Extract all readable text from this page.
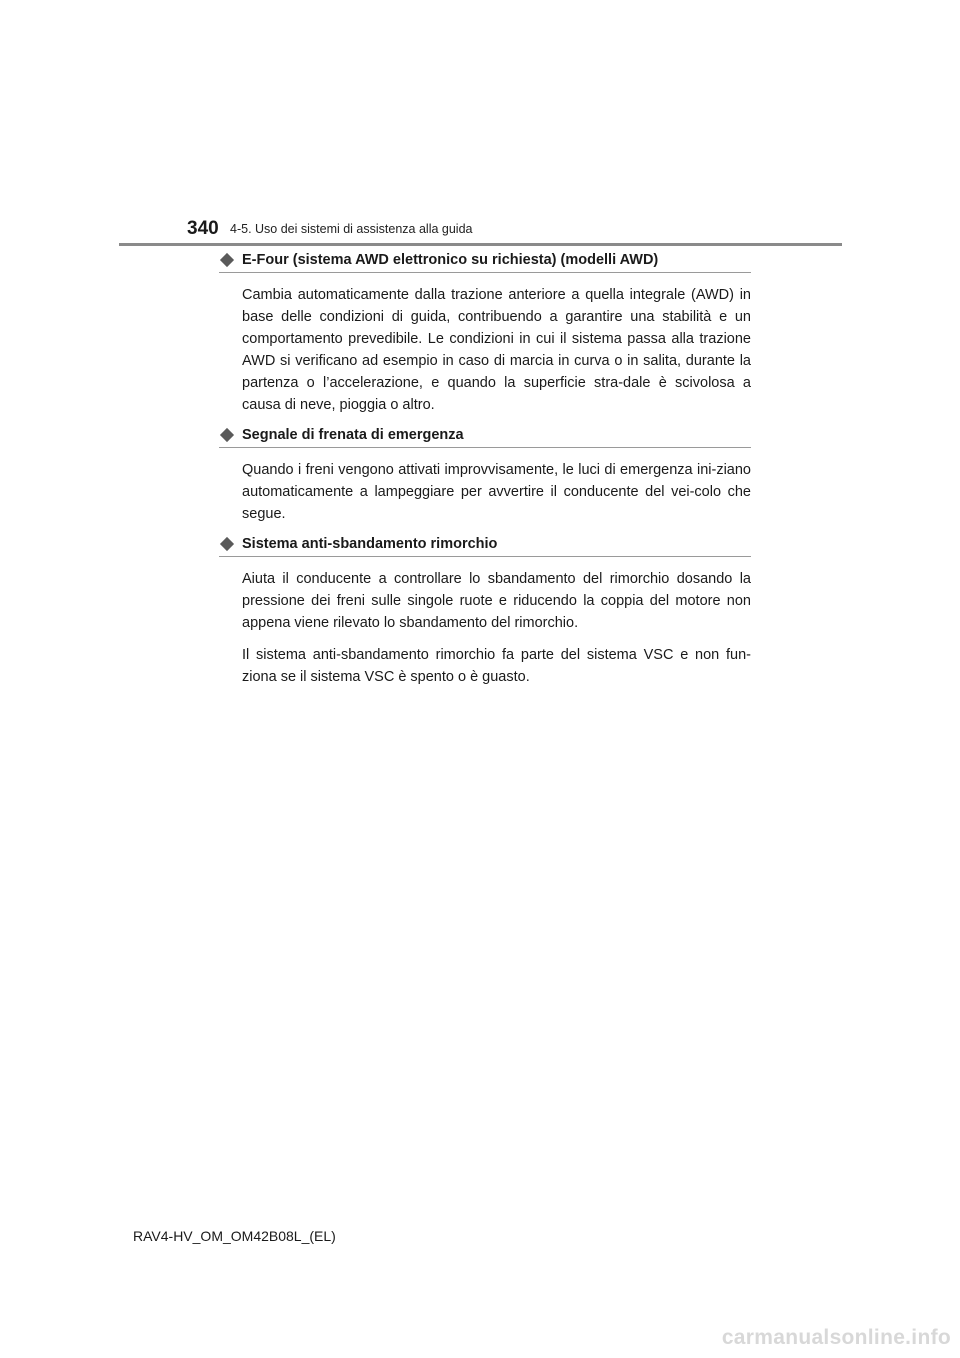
340 4-5. Uso dei sistemi di assistenza alla guida
E-Four (sistema AWD elettronico su richiesta) (modelli AWD)

Cambia automaticamente dalla trazione anteriore a quella integrale (AWD) in base delle condizioni di guida, contribuendo a garantire una stabilità e un comportamento prevedibile. Le condizioni in cui il sistema passa alla trazione AWD si verificano ad esempio in caso di marcia in curva o in salita, durante la partenza o l’accelerazione, e quando la superficie stra-dale è scivolosa a causa di neve, pioggia o altro.

Segnale di frenata di emergenza

Quando i freni vengono attivati improvvisamente, le luci di emergenza ini-ziano automaticamente a lampeggiare per avvertire il conducente del vei-colo che segue.

Sistema anti-sbandamento rimorchio

Aiuta il conducente a controllare lo sbandamento del rimorchio dosando la pressione dei freni sulle singole ruote e riducendo la coppia del motore non appena viene rilevato lo sbandamento del rimorchio.

Il sistema anti-sbandamento rimorchio fa parte del sistema VSC e non fun-ziona se il sistema VSC è spento o è guasto.

RAV4-HV_OM_OM42B08L_(EL)
carmanualsonline.info
